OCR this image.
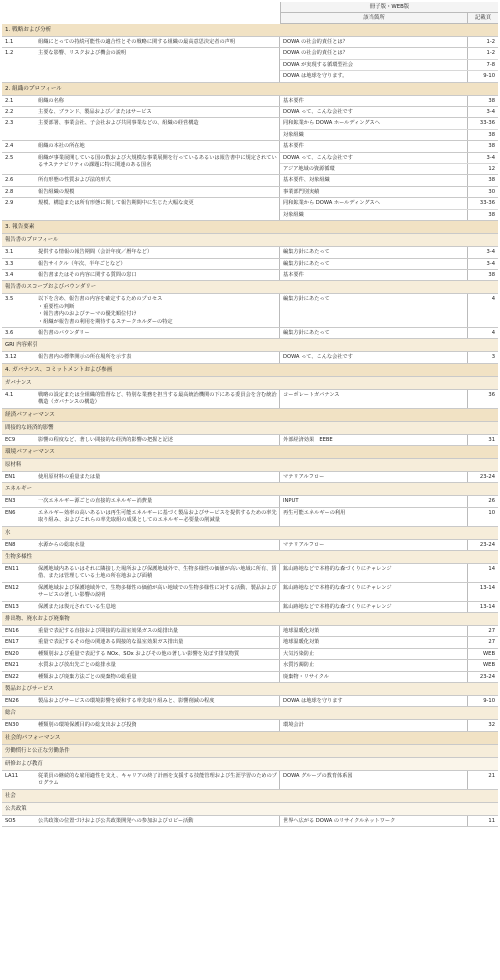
冊子版・WEB版
該当箇所	記載頁
1. 戦略および分析
1.1	組織にとっての持続可能性の適合性とその戦略に関する組織の最高意思決定者の声明	DOWA の社会的責任とは？	1-2
1.2	主要な影響、リスクおよび機会の説明	DOWA の社会的責任とは？	1-2
DOWA が実現する循環型社会	7-8
DOWA は地球を守ります。	9-10
2. 組織のプロフィール
2.1	組織の名称	基本要件	38
2.2	主要な、ブランド、製品および／またはサービス	DOWA って、こんな会社です	3-4
2.3	主要部署、事業会社、子会社および共同事業などの、組織の経営構造	同和鉱業から DOWA ホールディングスへ	33-36
対象組織	38
2.4	組織の本社の所在地	基本要件	38
2.5	組織が事業展開している国の数および大規模な事業展開を行っているあるいは報告書中に規定されているサステナビリティの課題に特に関連のある国名
DOWA って、こんな会社です	3-4
アジア地域の資源循環	12
2.6	所有形態の性質および法的形式	基本要件、対象組織	38
2.8	報告組織の規模	事業部門別実績	30
2.9	規模、構造または所有形態に関して報告期間中に生じた大幅な変更	同和鉱業から DOWA ホールディングスへ	33-36
対象組織	38
3. 報告要素
報告書のプロフィール
3.1	提供する情報の報告期間（会計年度／暦年など）	編集方針にあたって	3-4
3.3	報告サイクル（年次、半年ごとなど）	編集方針にあたって	3-4
3.4	報告書またはその内容に関する質問の窓口	基本要件	38
報告書のスコープおよびバウンダリー
3.5	以下を含め、報告書の内容を確定するためのプロセス
・重要性の判断
・報告書内のおよびテーマの優先順位付け
・組織が報告書の利用を期待するステークホルダーの特定
編集方針にあたって	4
3.6	報告書のバウンダリー	編集方針にあたって	4
GRI 内容索引
3.12	報告書内の標準開示の所在場所を示す表	DOWA って、こんな会社です	3
4. ガバナンス、コミットメントおよび参画
ガバナンス
4.1	戦略の設定または全組織的監督など、特別な業務を担当する最高統治機関の下にある委員会を含む統治構造（ガバナンスの構造）
コーポレートガバナンス	36
経済パフォーマンス
間接的な経済的影響
EC9	影響の程度など、著しい間接的な経済的影響の把握と記述	外部経済効果　EEBE	31
環境パフォーマンス
原材料
EN1	使用原材料の重量または量	マテリアルフロー	23-24
エネルギー
EN3	一次エネルギー源ごとの直接的エネルギー消費量	INPUT	26
EN6	エネルギー効率の高いあるいは再生可能エネルギーに基づく製品およびサービスを提供するための率先取り組み、およびこれらの率先取組の成果としてのエネルギー必要量の削減量
再生可能エネルギーの利用	10
水
EN8	水源からの総取水量	マテリアルフロー	23-24
生物多様性
EN11	保護地域内あるいはそれに隣接した場所および保護地域外で、生物多様性の価値が高い地域に所有、賃借、または管理している土地の所在地および面積
鉱山跡地などで本格的な森づくりにチャレンジ	14
EN12	保護地域および保護地域外で、生物多様性の価値が高い地域での生物多様性に対する活動、製品およびサービスの著しい影響の説明
鉱山跡地などで本格的な森づくりにチャレンジ	13-14
EN13	保護または復元されている生息地	鉱山跡地などで本格的な森づくりにチャレンジ	13-14
排出物、廃水および廃棄物
EN16	重量で表記する直接および間接的な温室効果ガスの総排出量	地球温暖化対策	27
EN17	重量で表記するその他の関連ある間接的な温室効果ガス排出量	地球温暖化対策	27
EN20	種類別および重量で表記する NOx、SOx およびその他の著しい影響を及ぼす排気物質	大気汚染防止	WEB
EN21	水質および放出先ごとの総排水量	水質汚濁防止	WEB
EN22	種類および廃棄方法ごとの廃棄物の総重量	廃棄物・リサイクル	23-24
製品およびサービス
EN26	製品およびサービスの環境影響を緩和する率先取り組みと、影響削減の程度	DOWA は地球を守ります	9-10
総合
EN30	種類別の環境保護目的の総支出および投資	環境会計	32
社会的パフォーマンス
労働慣行と公正な労働条件
研修および教育
LA11	従業員の継続的な雇用適性を支え、キャリアの終了計画を支援する技能管理および生涯学習のためのプログラム
DOWA グループの教育体系図	21
社会
公共政策
SO5	公共政策の位置づけおよび公共政策開発への参加およびロビー活動	世界へ広がる DOWA のリサイクルネットワーク	11
